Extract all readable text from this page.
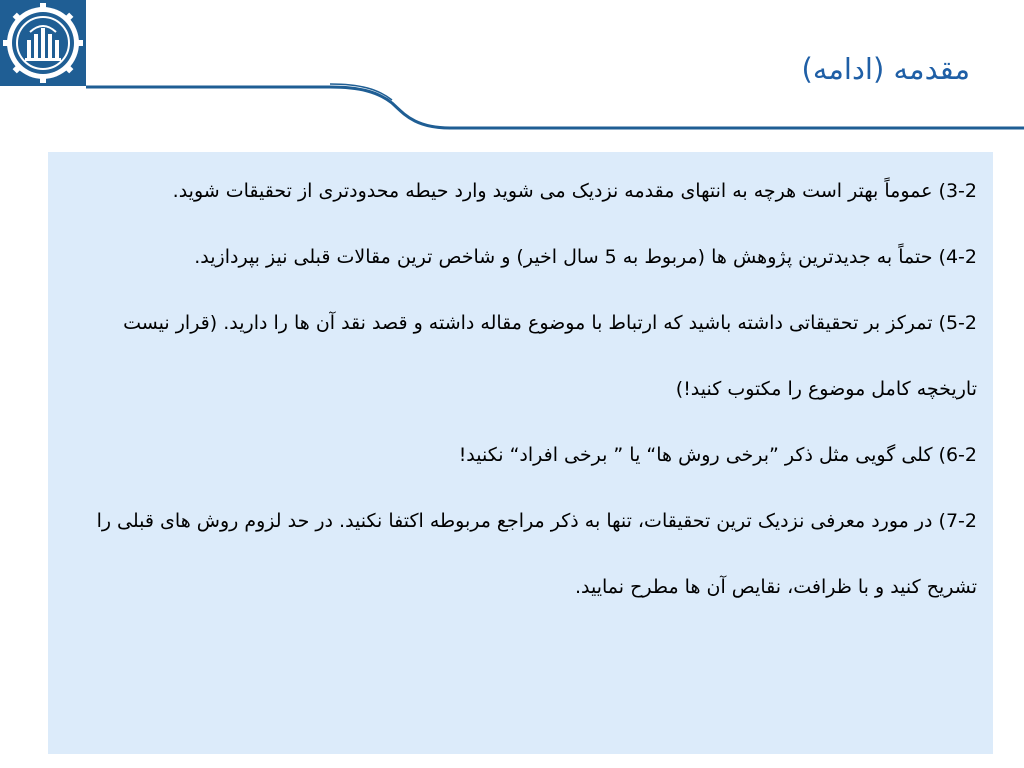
مقدمه (ادامه)

3-2) عموماً بهتر است هرچه به انتهای مقدمه نزدیک می شوید وارد حیطه محدودتری از تحقیقات شوید.

4-2) حتماً به جدیدترین پژوهش ها (مربوط به 5 سال اخیر) و شاخص ترین مقالات قبلی نیز بپردازید.

5-2) تمرکز بر تحقیقاتی داشته باشید که ارتباط با موضوع مقاله داشته و قصد نقد آن ها را دارید. (قرار نیست تاریخچه کامل موضوع را مکتوب کنید!)

6-2) کلی گویی مثل ذکر ”برخی روش ها“ یا ” برخی افراد“ نکنید!

7-2) در مورد معرفی نزدیک ترین تحقیقات، تنها به ذکر مراجع مربوطه اکتفا نکنید. در حد لزوم روش های قبلی را تشریح کنید و با ظرافت، نقایص آن ها مطرح نمایید.
